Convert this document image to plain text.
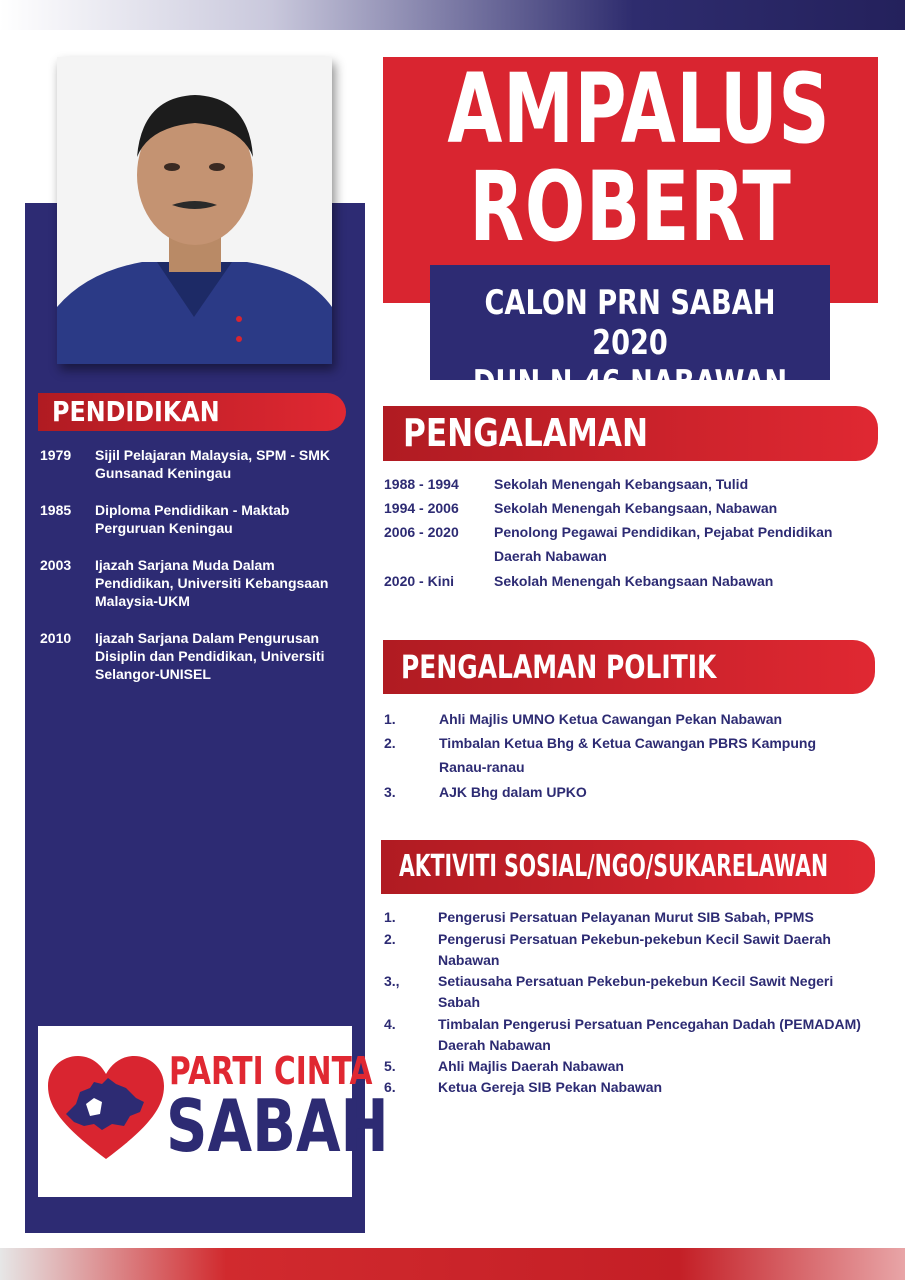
AMPALUS
ROBERT
CALON PRN SABAH 2020
DUN N.46 NABAWAN
PENDIDIKAN
1979	Sijil Pelajaran Malaysia, SPM - SMK Gunsanad Keningau
1985	Diploma Pendidikan - Maktab Perguruan Keningau
2003	Ijazah Sarjana Muda Dalam Pendidikan, Universiti Kebangsaan Malaysia-UKM
2010	Ijazah Sarjana Dalam Pengurusan Disiplin dan Pendidikan, Universiti Selangor-UNISEL
PENGALAMAN
1988 - 1994	Sekolah Menengah Kebangsaan, Tulid
1994 - 2006	Sekolah Menengah Kebangsaan, Nabawan
2006 - 2020	Penolong Pegawai Pendidikan, Pejabat Pendidikan Daerah Nabawan
2020 - Kini	Sekolah Menengah Kebangsaan Nabawan
PENGALAMAN POLITIK
1.	Ahli Majlis UMNO Ketua Cawangan Pekan Nabawan
2.	Timbalan Ketua Bhg & Ketua Cawangan PBRS Kampung Ranau-ranau
3.	AJK Bhg dalam UPKO
AKTIVITI SOSIAL/NGO/SUKARELAWAN
1.	Pengerusi Persatuan Pelayanan Murut SIB Sabah, PPMS
2.	Pengerusi Persatuan Pekebun-pekebun Kecil Sawit Daerah Nabawan
3.,	Setiausaha Persatuan Pekebun-pekebun Kecil Sawit Negeri Sabah
4.	Timbalan Pengerusi Persatuan Pencegahan Dadah (PEMADAM) Daerah Nabawan
5.	Ahli Majlis Daerah Nabawan
6.	Ketua Gereja SIB Pekan Nabawan
PARTI CINTA
SABAH
